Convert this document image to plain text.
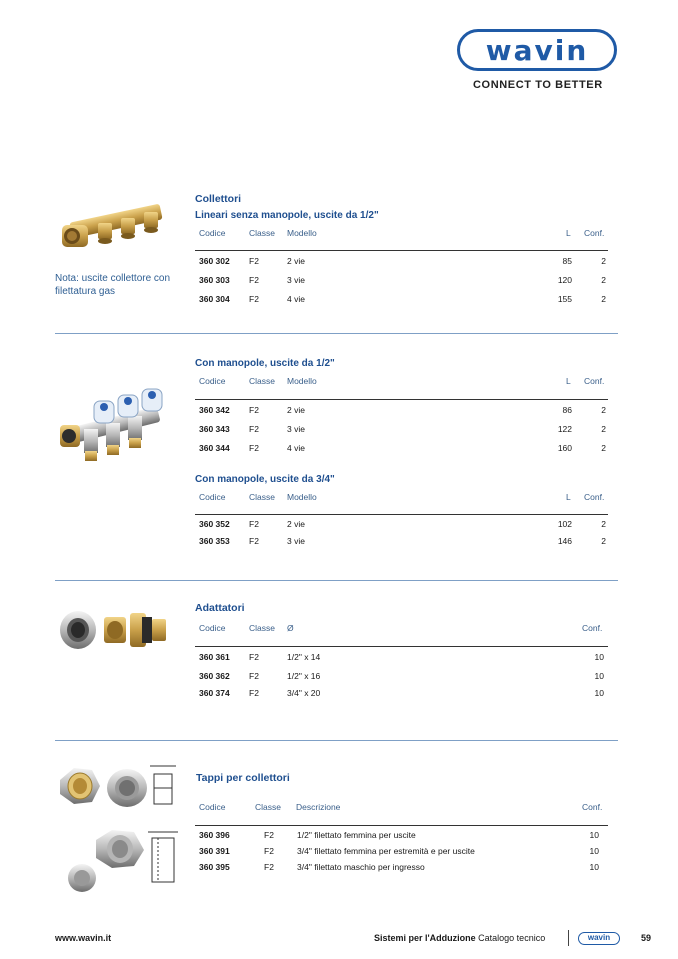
wavin
CONNECT TO BETTER
Collettori
Lineari senza manopole, uscite da 1/2"
Codice	Classe Modello	L Conf.
360 302 F2	2 vie	85	2
360 303 F2	3 vie	120	2
360 304 F2	4 vie	155	2
Nota: uscite collettore con
filettatura gas
Con manopole, uscite da 1/2"
Codice	Classe Modello	L Conf.
360 342 F2	2 vie	86	2
360 343 F2	3 vie	122	2
360 344 F2	4 vie	160	2
Con manopole, uscite da 3/4"
Codice	Classe Modello	L Conf.
360 352 F2	2 vie	102	2
360 353 F2	3 vie	146	2
Adattatori
Codice	Classe Ø	Conf.
360 361 F2	1/2" x 14	10
360 362 F2	1/2" x 16	10
360 374 F2	3/4" x 20	10
Tappi per collettori
Codice	Classe Descrizione	Conf.
360 396	F2	1/2" filettato femmina per uscite	10
360 391	F2	3/4" filettato femmina per estremità e per uscite	10
360 395	F2	3/4" filettato maschio per ingresso	10
www.wavin.it	Sistemi per l'Adduzione Catalogo tecnico	wavin	59
